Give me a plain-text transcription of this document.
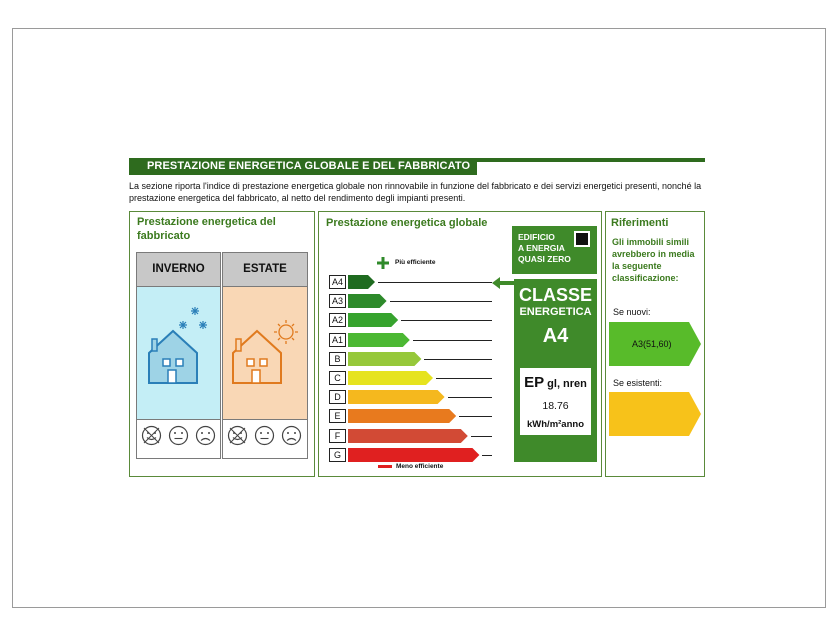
PRESTAZIONE ENERGETICA GLOBALE E DEL FABBRICATO
La sezione riporta l'indice di prestazione energetica globale non rinnovabile in funzione del fabbricato e dei servizi energetici presenti, nonché la prestazione energetica del fabbricato, al netto del rendimento degli impianti presenti.
Prestazione energetica del fabbricato
INVERNO	ESTATE
Prestazione energetica globale
Più efficiente
A4
A3
A2
A1
B
C
D
E
F
G
Meno efficiente
EDIFICIO
A ENERGIA
QUASI ZERO
CLASSE
ENERGETICA
A4
EP gl, nren
18.76
kWh/m²anno
Riferimenti
Gli immobili simili avrebbero in media la seguente classificazione:
Se nuovi:
A3(51,60)
Se esistenti:
